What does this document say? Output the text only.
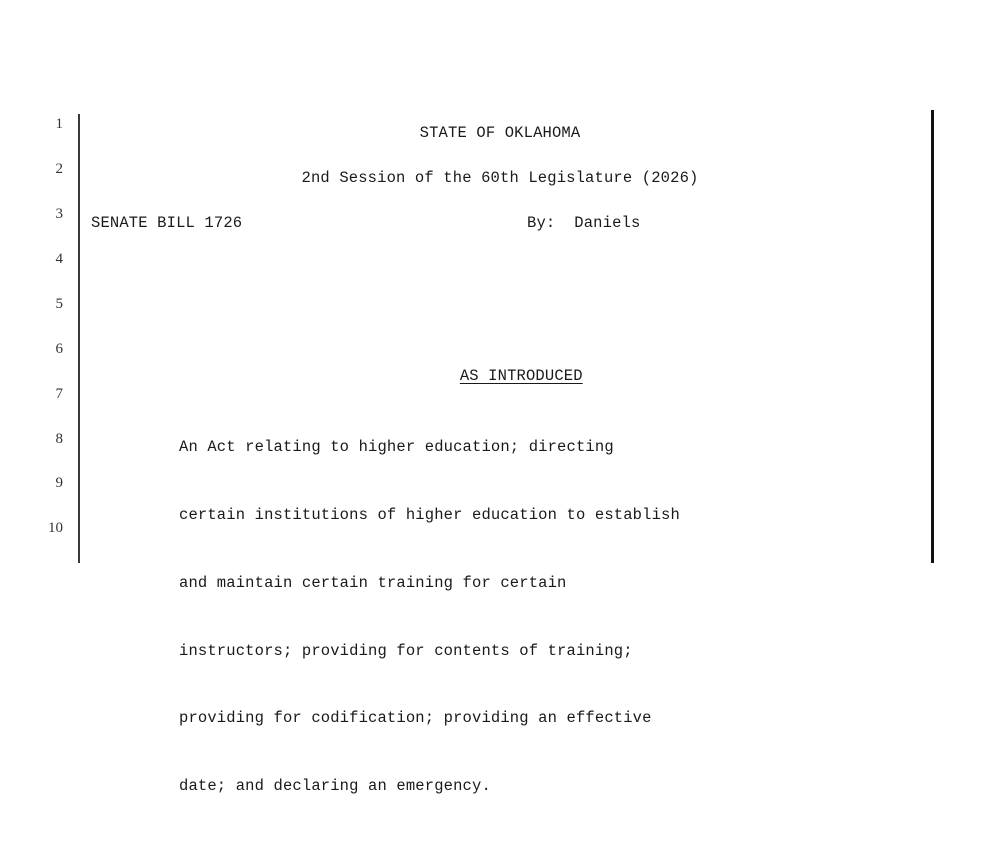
1
2
3
4
5
6
7
8
9
10
STATE OF OKLAHOMA
2nd Session of the 60th Legislature (2026)
SENATE BILL 1726	By:  Daniels

AS INTRODUCED

An Act relating to higher education; directing

certain institutions of higher education to establish

and maintain certain training for certain

instructors; providing for contents of training;

providing for codification; providing an effective

date; and declaring an emergency.
